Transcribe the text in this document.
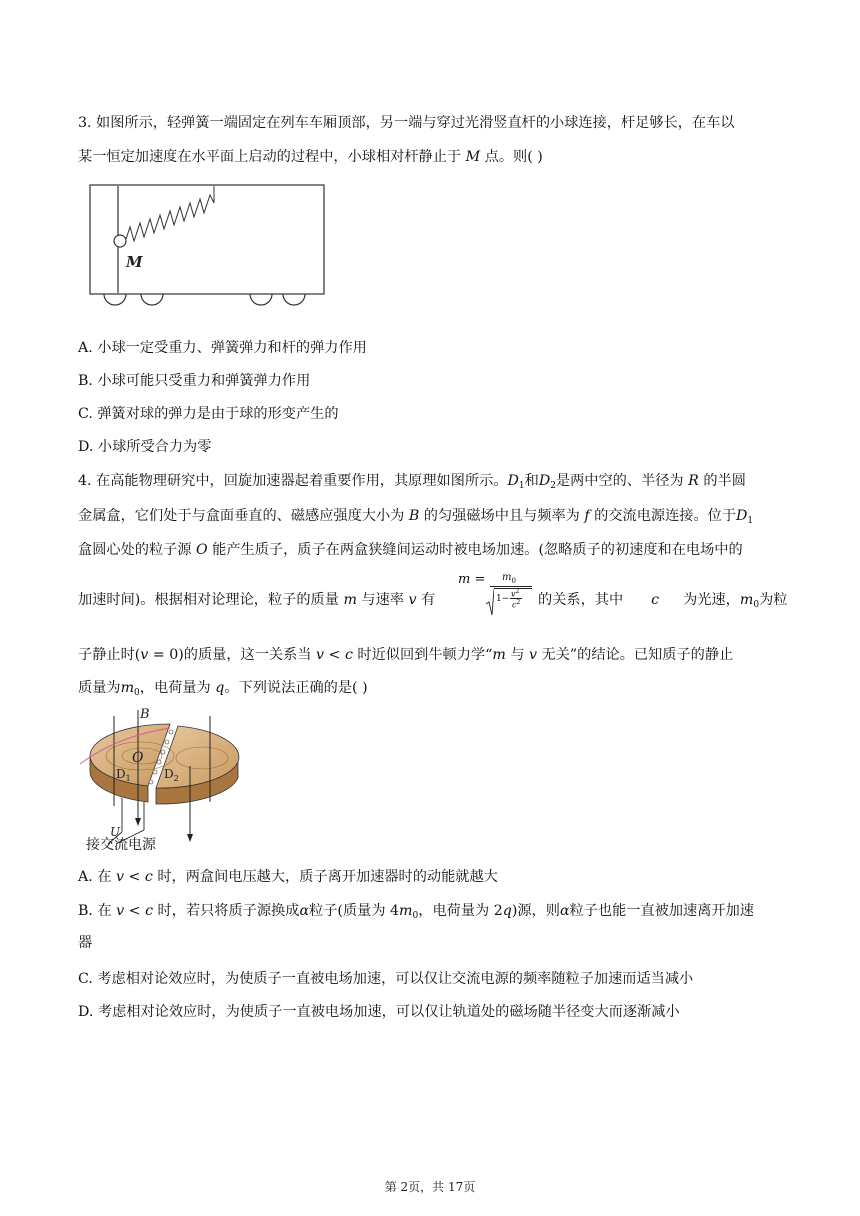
3. 如图所示，轻弹簧一端固定在列车车厢顶部，另一端与穿过光滑竖直杆的小球连接，杆足够长，在车以
某一恒定加速度在水平面上启动的过程中，小球相对杆静止于 M 点。则( )
M
A. 小球一定受重力、弹簧弹力和杆的弹力作用
B. 小球可能只受重力和弹簧弹力作用
C. 弹簧对球的弹力是由于球的形变产生的
D. 小球所受合力为零
4. 在高能物理研究中，回旋加速器起着重要作用，其原理如图所示。$D_1$和$D_2$是两中空的、半径为 R 的半圆
金属盒，它们处于与盒面垂直的、磁感应强度大小为 B 的匀强磁场中且与频率为 f 的交流电源连接。位于$D_1$
盒圆心处的粒子源 O 能产生质子，质子在两盒狭缝间运动时被电场加速。(忽略质子的初速度和在电场中的
加速时间)。根据相对论理论，粒子的质量 m 与速率 v 有
$m = m_0$
$1- v^2$
$c^2$ 的关系，其中 c 为光速，$m_0$为粒
子静止时(v = 0)的质量，这一关系当 v < c 时近似回到牛顿力学“m 与 v 无关”的结论。已知质子的静止
质量为$m_0$，电荷量为 q。下列说法正确的是( )
B
O
$D_1$	$D_2$
U
接交流电源
A. 在 v < c 时，两盒间电压越大，质子离开加速器时的动能就越大
B. 在 v < c 时，若只将质子源换成α粒子(质量为 $4m_0$，电荷量为 2q)源，则α粒子也能一直被加速离开加速
器
C. 考虑相对论效应时，为使质子一直被电场加速，可以仅让交流电源的频率随粒子加速而适当减小
D. 考虑相对论效应时，为使质子一直被电场加速，可以仅让轨道处的磁场随半径变大而逐渐减小
第 2页，共 17页
